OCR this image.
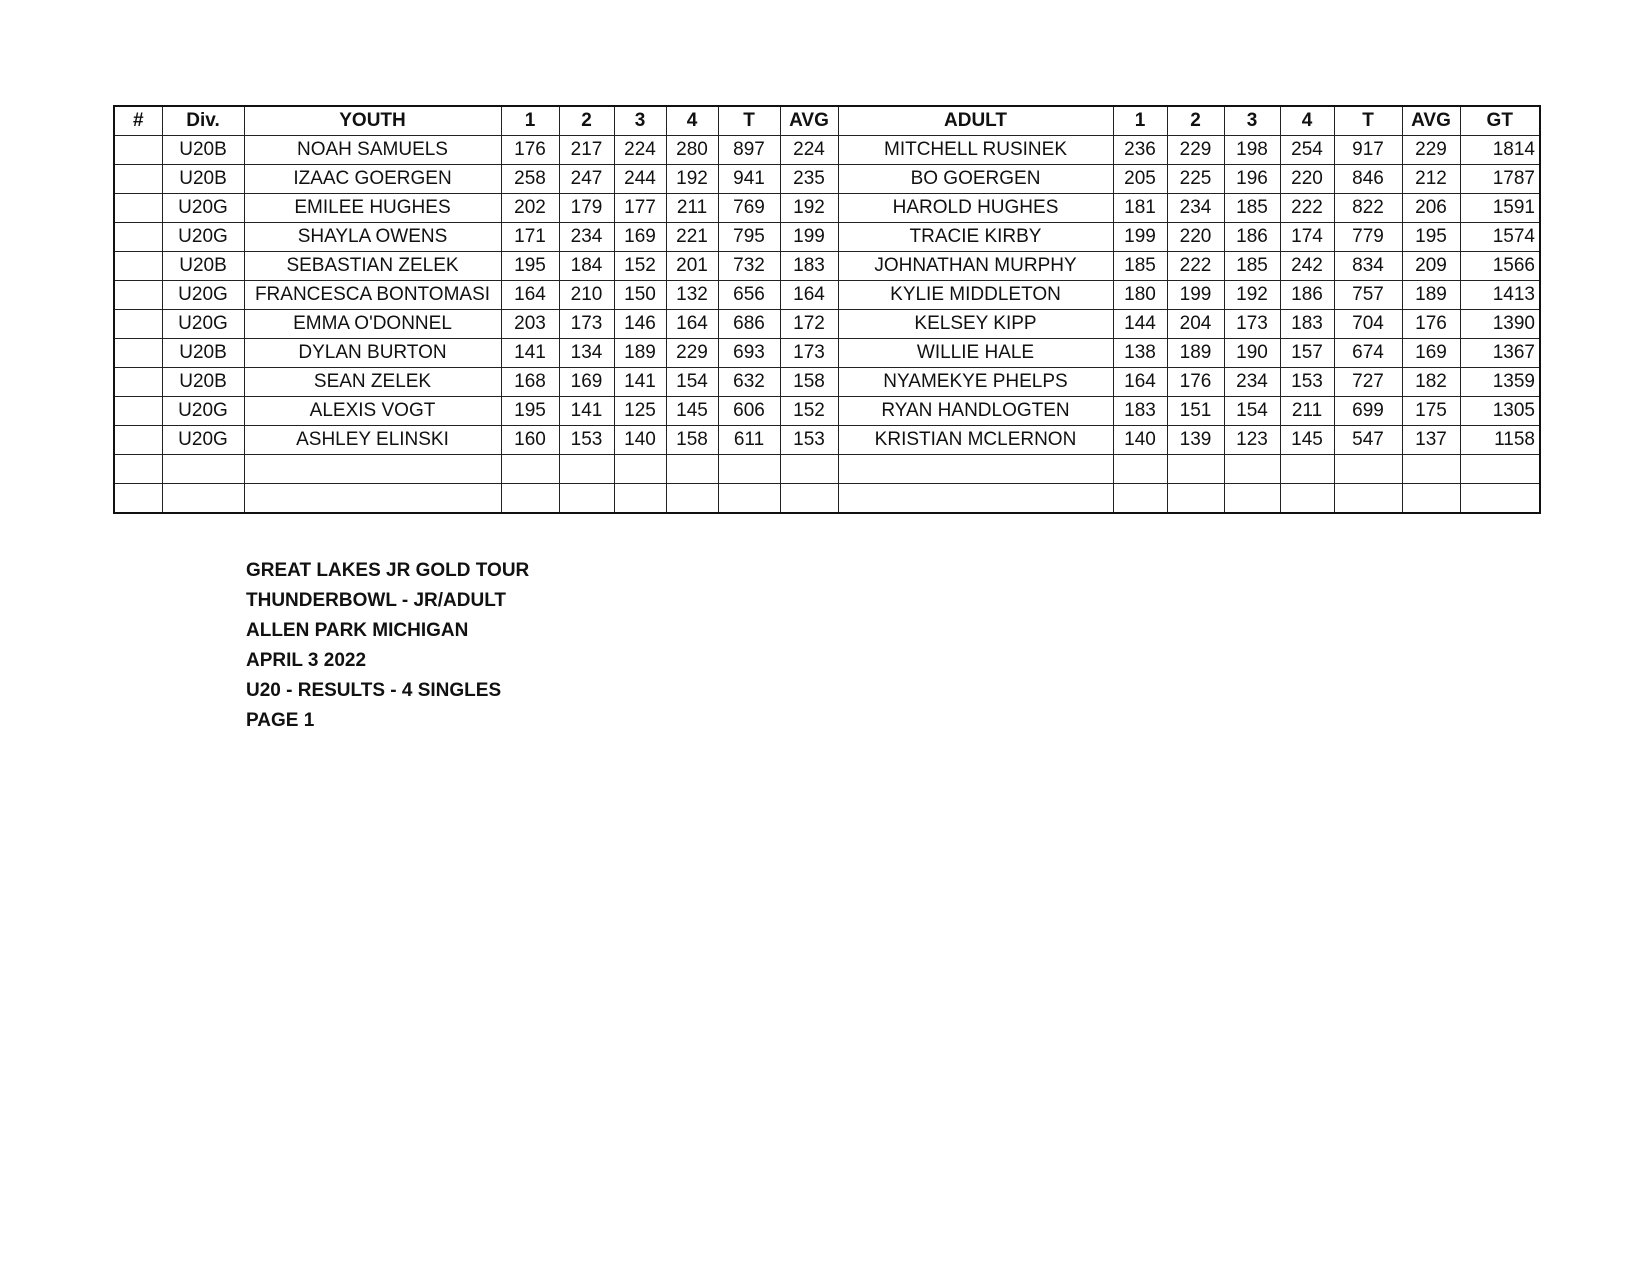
#	Div.	YOUTH	1	2	3	4	T	AVG	ADULT	1	2	3	4	T	AVG	GT
	U20B	NOAH SAMUELS	176	217	224	280	897	224	MITCHELL RUSINEK	236	229	198	254	917	229	1814
	U20B	IZAAC GOERGEN	258	247	244	192	941	235	BO GOERGEN	205	225	196	220	846	212	1787
	U20G	EMILEE HUGHES	202	179	177	211	769	192	HAROLD HUGHES	181	234	185	222	822	206	1591
	U20G	SHAYLA OWENS	171	234	169	221	795	199	TRACIE KIRBY	199	220	186	174	779	195	1574
	U20B	SEBASTIAN ZELEK	195	184	152	201	732	183	JOHNATHAN MURPHY	185	222	185	242	834	209	1566
	U20G	FRANCESCA BONTOMASI	164	210	150	132	656	164	KYLIE MIDDLETON	180	199	192	186	757	189	1413
	U20G	EMMA O'DONNEL	203	173	146	164	686	172	KELSEY KIPP	144	204	173	183	704	176	1390
	U20B	DYLAN BURTON	141	134	189	229	693	173	WILLIE HALE	138	189	190	157	674	169	1367
	U20B	SEAN ZELEK	168	169	141	154	632	158	NYAMEKYE PHELPS	164	176	234	153	727	182	1359
	U20G	ALEXIS VOGT	195	141	125	145	606	152	RYAN HANDLOGTEN	183	151	154	211	699	175	1305
	U20G	ASHLEY ELINSKI	160	153	140	158	611	153	KRISTIAN MCLERNON	140	139	123	145	547	137	1158

GREAT LAKES JR GOLD TOUR
THUNDERBOWL - JR/ADULT
ALLEN PARK MICHIGAN
APRIL 3 2022
U20 - RESULTS - 4 SINGLES
PAGE 1
